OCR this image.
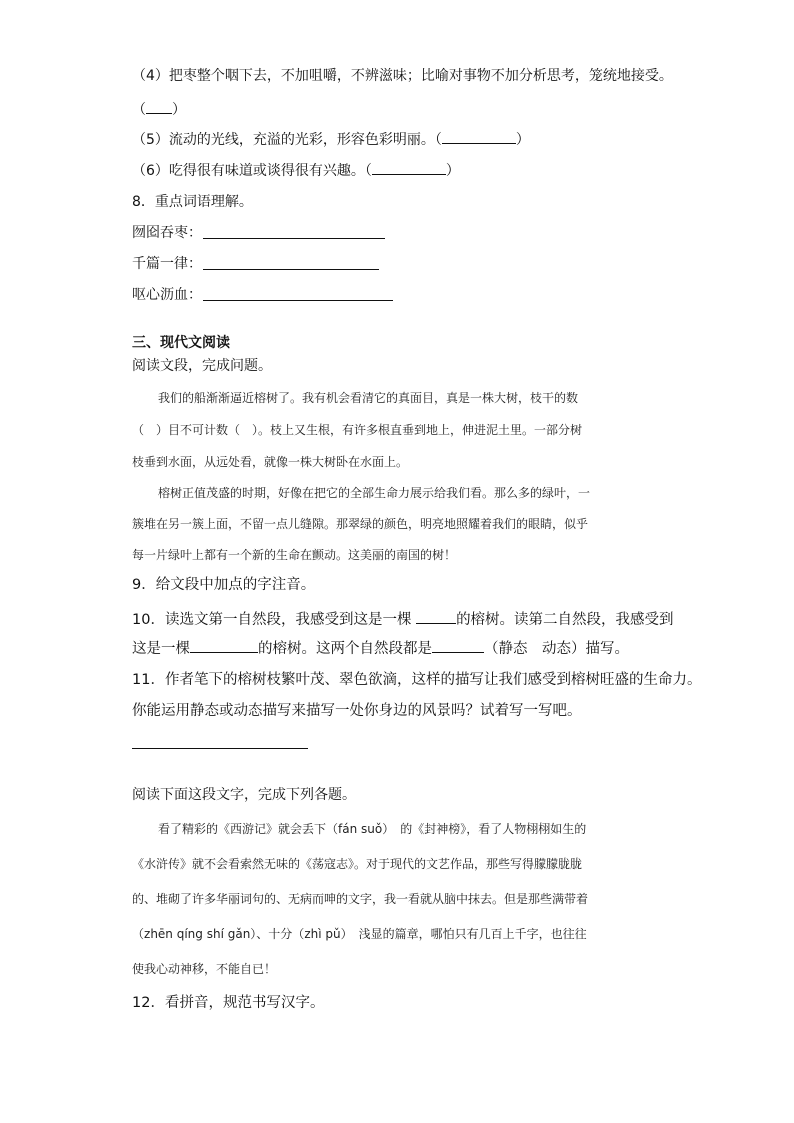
（4）把枣整个咽下去，不加咀嚼，不辨滋味；比喻对事物不加分析思考，笼统地接受。
（ ）
（5）流动的光线，充溢的光彩，形容色彩明丽。（	）
（6）吃得很有味道或谈得很有兴趣。（	）
8．重点词语理解。
囫囵吞枣：
千篇一律：
呕心沥血：
三、现代文阅读
阅读文段，完成问题。
我们的船渐渐逼近榕树了。我有机会看清它的真面目，真是一株大树，枝干的数
（　）目不可计数（　）。枝上又生根，有许多根直垂到地上，伸进泥土里。一部分树
枝垂到水面，从远处看，就像一株大树卧在水面上。
榕树正值茂盛的时期，好像在把它的全部生命力展示给我们看。那么多的绿叶，一
簇堆在另一簇上面，不留一点儿缝隙。那翠绿的颜色，明亮地照耀着我们的眼睛，似乎
每一片绿叶上都有一个新的生命在颤动。这美丽的南国的树！
9．给文段中加点的字注音。
10．读选文第一自然段，我感受到这是一棵	的榕树。读第二自然段，我感受到
这是一棵	的榕树。这两个自然段都是	（静态　动态）描写。
11．作者笔下的榕树枝繁叶茂、翠色欲滴，这样的描写让我们感受到榕树旺盛的生命力。
你能运用静态或动态描写来描写一处你身边的风景吗？试着写一写吧。
阅读下面这段文字，完成下列各题。
看了精彩的《西游记》就会丢下（fán suǒ）　的《封神榜》，看了人物栩栩如生的
《水浒传》就不会看索然无味的《荡寇志》。对于现代的文艺作品，那些写得朦朦胧胧
的、堆砌了许多华丽词句的、无病而呻的文字，我一看就从脑中抹去。但是那些满带着
（zhēn qíng shí gǎn）、十分（zhì pǔ）　浅显的篇章，哪怕只有几百上千字，也往往
使我心动神移，不能自已！
12．看拼音，规范书写汉字。
